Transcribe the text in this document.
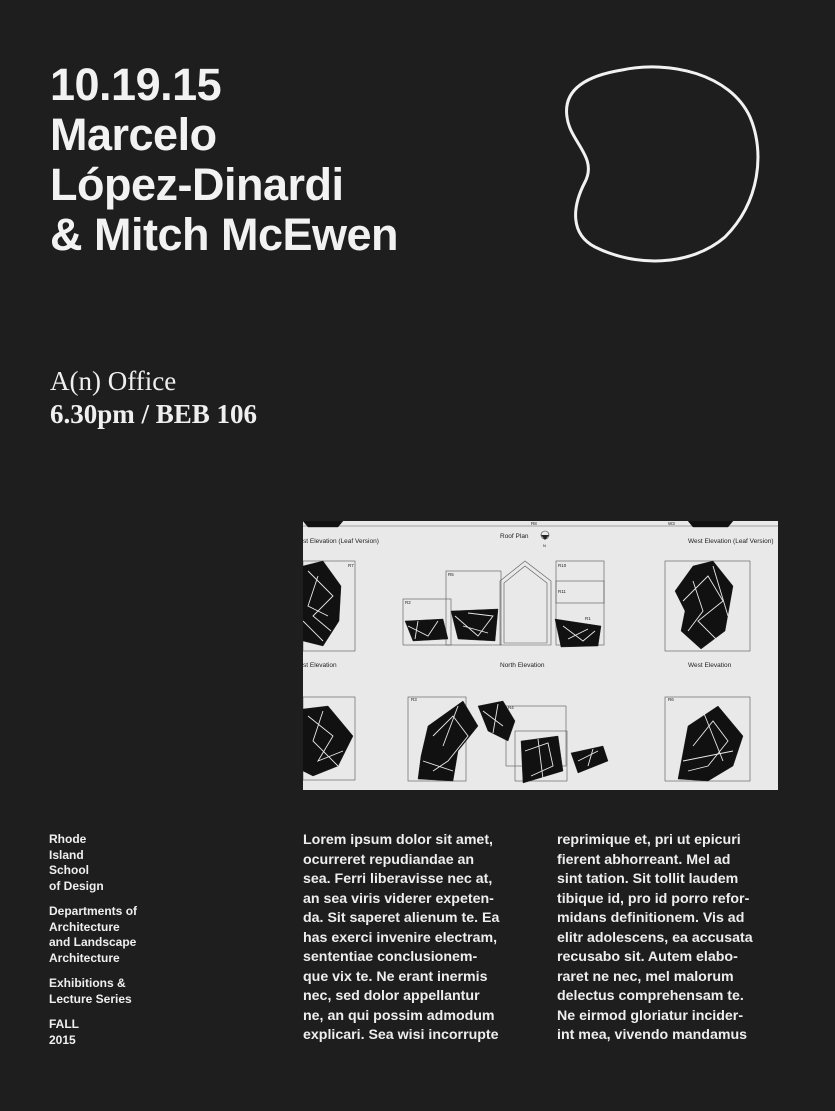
10.19.15
Marcelo
López-Dinardi
& Mitch McEwen
A(n) Office
6.30pm / BEB 106
st Elevation (Leaf Version)
Roof Plan
West Elevation (Leaf Version)
st Elevation	North Elevation	West Elevation
N
R8
R7
R5
R10
R2
R11
R1
R3
R4
R6
W3
Rhode
Island
School
of Design
Departments of
Architecture
and Landscape
Architecture
Exhibitions &
Lecture Series
FALL
2015
Lorem ipsum dolor sit amet,
ocurreret repudiandae an
sea. Ferri liberavisse nec at,
an sea viris viderer expeten-
da. Sit saperet alienum te. Ea
has exerci invenire electram,
sententiae conclusionem-
que vix te. Ne erant inermis
nec, sed dolor appellantur
ne, an qui possim admodum
explicari. Sea wisi incorrupte
reprimique et, pri ut epicuri
fierent abhorreant. Mel ad
sint tation. Sit tollit laudem
tibique id, pro id porro refor-
midans definitionem. Vis ad
elitr adolescens, ea accusata
recusabo sit. Autem elabo-
raret ne nec, mel malorum
delectus comprehensam te.
Ne eirmod gloriatur incider-
int mea, vivendo mandamus
